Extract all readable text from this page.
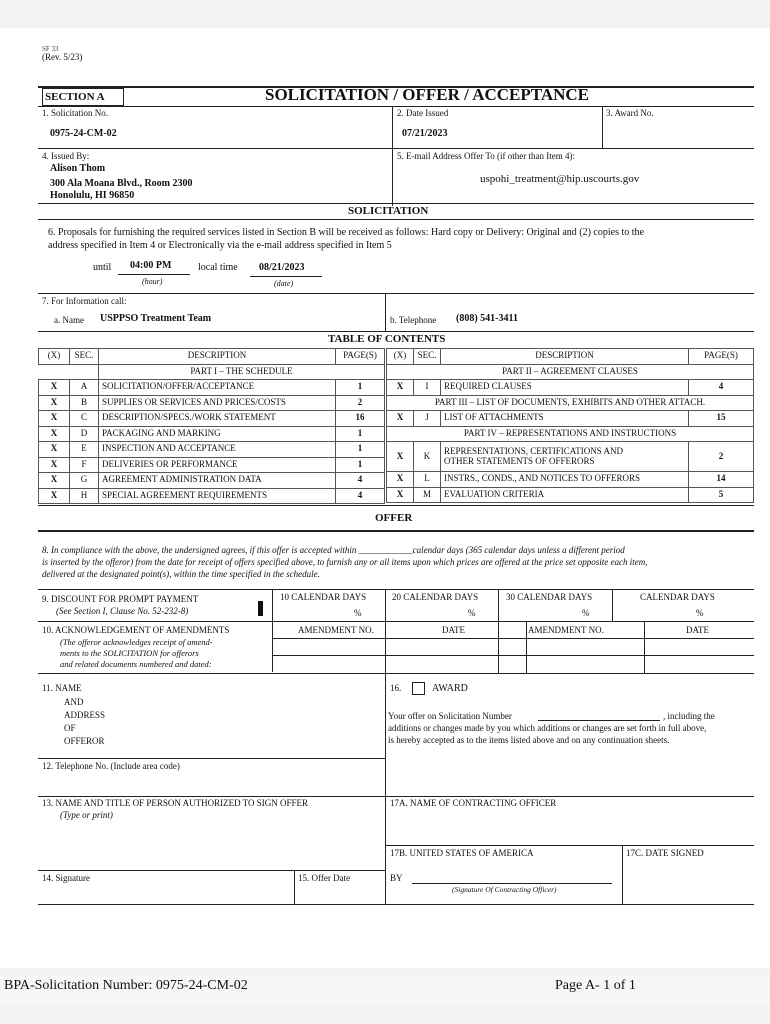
SF 33
(Rev. 5/23)
SECTION A	SOLICITATION / OFFER / ACCEPTANCE
1. Solicitation No.
0975-24-CM-02
2. Date Issued
07/21/2023
3. Award No.
4. Issued By:
Alison Thom
300 Ala Moana Blvd., Room 2300
Honolulu, HI 96850
5. E-mail Address Offer To (if other than Item 4):
uspohi_treatment@hip.uscourts.gov
SOLICITATION
6. Proposals for furnishing the required services listed in Section B will be received as follows: Hard copy or Delivery: Original and (2) copies to the
address specified in Item 4 or Electronically via the e-mail address specified in Item 5
until 04:00 PM
(hour)
local time 08/21/2023
(date)
7. For Information call:
a. Name USPPSO Treatment Team	b. Telephone (808) 541-3411
TABLE OF CONTENTS
(X)	SEC.	DESCRIPTION	PAGE(S)
		PART I – THE SCHEDULE	
X	A	SOLICITATION/OFFER/ACCEPTANCE	1
X	B	SUPPLIES OR SERVICES AND PRICES/COSTS	2
X	C	DESCRIPTION/SPECS./WORK STATEMENT	16
X	D	PACKAGING AND MARKING	1
X	E	INSPECTION AND ACCEPTANCE	1
X	F	DELIVERIES OR PERFORMANCE	1
X	G	AGREEMENT ADMINISTRATION DATA	4
X	H	SPECIAL AGREEMENT REQUIREMENTS	4
(X)	SEC.	DESCRIPTION	PAGE(S)
PART II – AGREEMENT CLAUSES			
X	I	REQUIRED CLAUSES	4
PART III – LIST OF DOCUMENTS, EXHIBITS AND OTHER ATTACH.			
X	J	LIST OF ATTACHMENTS	15
PART IV – REPRESENTATIONS AND INSTRUCTIONS			
X	K	REPRESENTATIONS, CERTIFICATIONS AND
OTHER STATEMENTS OF OFFERORS	2
X	L	INSTRS., CONDS., AND NOTICES TO OFFERORS	14
X	M	EVALUATION CRITERIA	5
OFFER
8. In compliance with the above, the undersigned agrees, if this offer is accepted within ____________calendar days (365 calendar days unless a different period
is inserted by the offeror) from the date for receipt of offers specified above, to furnish any or all items upon which prices are offered at the price set opposite each item,
delivered at the designated point(s), within the time specified in the schedule.
9. DISCOUNT FOR PROMPT PAYMENT
(See Section I, Clause No. 52-232-8)
10 CALENDAR DAYS
%
20 CALENDAR DAYS
%
30 CALENDAR DAYS
%
CALENDAR DAYS
%
10. ACKNOWLEDGEMENT OF AMENDMENTS
(The offeror acknowledges receipt of amend-
ments to the SOLICITATION for offerors
and related documents numbered and dated:
AMENDMENT NO.	DATE	AMENDMENT NO.	DATE
11. NAME
AND
ADDRESS
OF
OFFEROR
16.	AWARD
Your offer on Solicitation Number	, including the
additions or changes made by you which additions or changes are set forth in full above,
is hereby accepted as to the items listed above and on any continuation sheets.
12. Telephone No. (Include area code)
13. NAME AND TITLE OF PERSON AUTHORIZED TO SIGN OFFER
(Type or print)
17A. NAME OF CONTRACTING OFFICER
17B. UNITED STATES OF AMERICA	17C. DATE SIGNED
14. Signature	15. Offer Date	BY
(Signature Of Contracting Officer)
BPA-Solicitation Number: 0975-24-CM-02	Page A- 1 of 1
